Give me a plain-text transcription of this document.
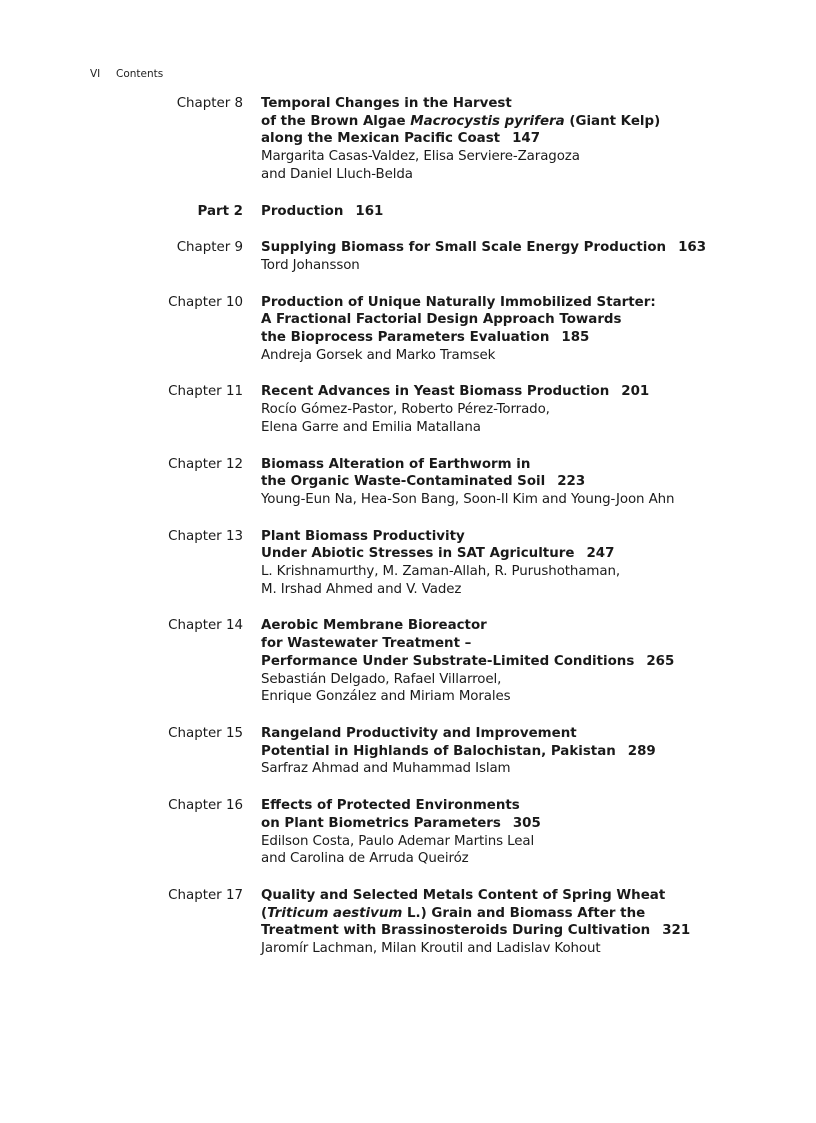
VI Contents
Chapter 8 Temporal Changes in the Harvest
of the Brown Algae Macrocystis pyrifera (Giant Kelp)
along the Mexican Pacific Coast 147
Margarita Casas-Valdez, Elisa Serviere-Zaragoza
and Daniel Lluch-Belda
Part 2 Production 161
Chapter 9 Supplying Biomass for Small Scale Energy Production 163
Tord Johansson
Chapter 10 Production of Unique Naturally Immobilized Starter:
A Fractional Factorial Design Approach Towards
the Bioprocess Parameters Evaluation 185
Andreja Gorsek and Marko Tramsek
Chapter 11 Recent Advances in Yeast Biomass Production 201
Rocío Gómez-Pastor, Roberto Pérez-Torrado,
Elena Garre and Emilia Matallana
Chapter 12 Biomass Alteration of Earthworm in
the Organic Waste-Contaminated Soil 223
Young-Eun Na, Hea-Son Bang, Soon-Il Kim and Young-Joon Ahn
Chapter 13 Plant Biomass Productivity
Under Abiotic Stresses in SAT Agriculture 247
L. Krishnamurthy, M. Zaman-Allah, R. Purushothaman,
M. Irshad Ahmed and V. Vadez
Chapter 14 Aerobic Membrane Bioreactor
for Wastewater Treatment –
Performance Under Substrate-Limited Conditions 265
Sebastián Delgado, Rafael Villarroel,
Enrique González and Miriam Morales
Chapter 15 Rangeland Productivity and Improvement
Potential in Highlands of Balochistan, Pakistan 289
Sarfraz Ahmad and Muhammad Islam
Chapter 16 Effects of Protected Environments
on Plant Biometrics Parameters 305
Edilson Costa, Paulo Ademar Martins Leal
and Carolina de Arruda Queiróz
Chapter 17 Quality and Selected Metals Content of Spring Wheat
(Triticum aestivum L.) Grain and Biomass After the
Treatment with Brassinosteroids During Cultivation 321
Jaromír Lachman, Milan Kroutil and Ladislav Kohout
